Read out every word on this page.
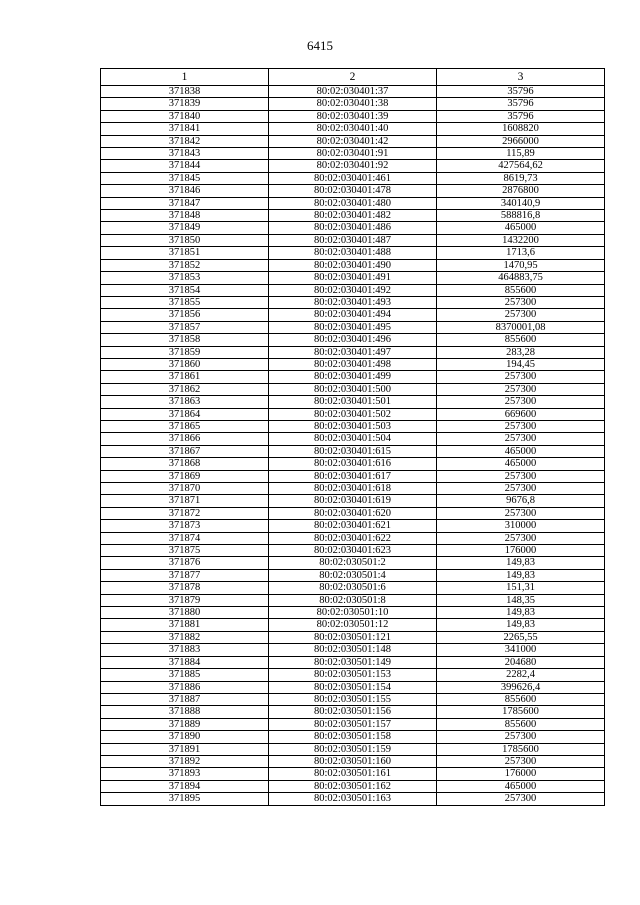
6415
1	2	3
371838	80:02:030401:37	35796
371839	80:02:030401:38	35796
371840	80:02:030401:39	35796
371841	80:02:030401:40	1608820
371842	80:02:030401:42	2966000
371843	80:02:030401:91	115,89
371844	80:02:030401:92	427564,62
371845	80:02:030401:461	8619,73
371846	80:02:030401:478	2876800
371847	80:02:030401:480	340140,9
371848	80:02:030401:482	588816,8
371849	80:02:030401:486	465000
371850	80:02:030401:487	1432200
371851	80:02:030401:488	1713,6
371852	80:02:030401:490	1470,95
371853	80:02:030401:491	464883,75
371854	80:02:030401:492	855600
371855	80:02:030401:493	257300
371856	80:02:030401:494	257300
371857	80:02:030401:495	8370001,08
371858	80:02:030401:496	855600
371859	80:02:030401:497	283,28
371860	80:02:030401:498	194,45
371861	80:02:030401:499	257300
371862	80:02:030401:500	257300
371863	80:02:030401:501	257300
371864	80:02:030401:502	669600
371865	80:02:030401:503	257300
371866	80:02:030401:504	257300
371867	80:02:030401:615	465000
371868	80:02:030401:616	465000
371869	80:02:030401:617	257300
371870	80:02:030401:618	257300
371871	80:02:030401:619	9676,8
371872	80:02:030401:620	257300
371873	80:02:030401:621	310000
371874	80:02:030401:622	257300
371875	80:02:030401:623	176000
371876	80:02:030501:2	149,83
371877	80:02:030501:4	149,83
371878	80:02:030501:6	151,31
371879	80:02:030501:8	148,35
371880	80:02:030501:10	149,83
371881	80:02:030501:12	149,83
371882	80:02:030501:121	2265,55
371883	80:02:030501:148	341000
371884	80:02:030501:149	204680
371885	80:02:030501:153	2282,4
371886	80:02:030501:154	399626,4
371887	80:02:030501:155	855600
371888	80:02:030501:156	1785600
371889	80:02:030501:157	855600
371890	80:02:030501:158	257300
371891	80:02:030501:159	1785600
371892	80:02:030501:160	257300
371893	80:02:030501:161	176000
371894	80:02:030501:162	465000
371895	80:02:030501:163	257300
